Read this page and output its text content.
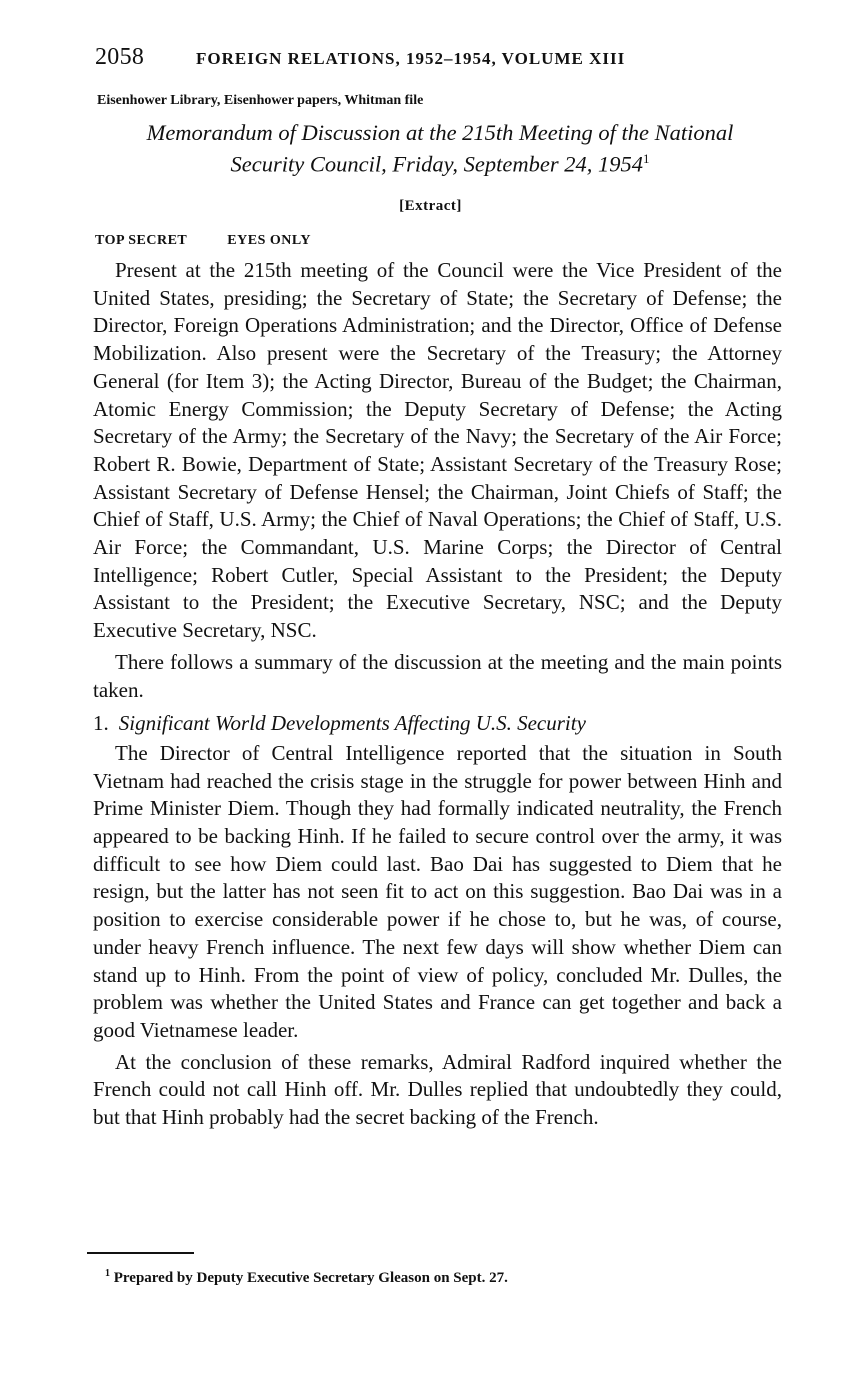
2058	FOREIGN RELATIONS, 1952–1954, VOLUME XIII
Eisenhower Library, Eisenhower papers, Whitman file
Memorandum of Discussion at the 215th Meeting of the National
Security Council, Friday, September 24, 1954$^1$
[Extract]
TOP SECRET	EYES ONLY

Present at the 215th meeting of the Council were the Vice President of the United States, presiding; the Secretary of State; the Secretary of Defense; the Director, Foreign Operations Administration; and the Director, Office of Defense Mobilization. Also present were the Secretary of the Treasury; the Attorney General (for Item 3); the Acting Director, Bureau of the Budget; the Chairman, Atomic Energy Commission; the Deputy Secretary of Defense; the Acting Secretary of the Army; the Secretary of the Navy; the Secretary of the Air Force; Robert R. Bowie, Department of State; Assistant Secretary of the Treasury Rose; Assistant Secretary of Defense Hensel; the Chairman, Joint Chiefs of Staff; the Chief of Staff, U.S. Army; the Chief of Naval Operations; the Chief of Staff, U.S. Air Force; the Commandant, U.S. Marine Corps; the Director of Central Intelligence; Robert Cutler, Special Assistant to the President; the Deputy Assistant to the President; the Executive Secretary, NSC; and the Deputy Executive Secretary, NSC.

There follows a summary of the discussion at the meeting and the main points taken.

1. Significant World Developments Affecting U.S. Security

The Director of Central Intelligence reported that the situation in South Vietnam had reached the crisis stage in the struggle for power between Hinh and Prime Minister Diem. Though they had formally indicated neutrality, the French appeared to be backing Hinh. If he failed to secure control over the army, it was difficult to see how Diem could last. Bao Dai has suggested to Diem that he resign, but the latter has not seen fit to act on this suggestion. Bao Dai was in a position to exercise considerable power if he chose to, but he was, of course, under heavy French influence. The next few days will show whether Diem can stand up to Hinh. From the point of view of policy, concluded Mr. Dulles, the problem was whether the United States and France can get together and back a good Vietnamese leader.

At the conclusion of these remarks, Admiral Radford inquired whether the French could not call Hinh off. Mr. Dulles replied that undoubtedly they could, but that Hinh probably had the secret backing of the French.

$^1$ Prepared by Deputy Executive Secretary Gleason on Sept. 27.
